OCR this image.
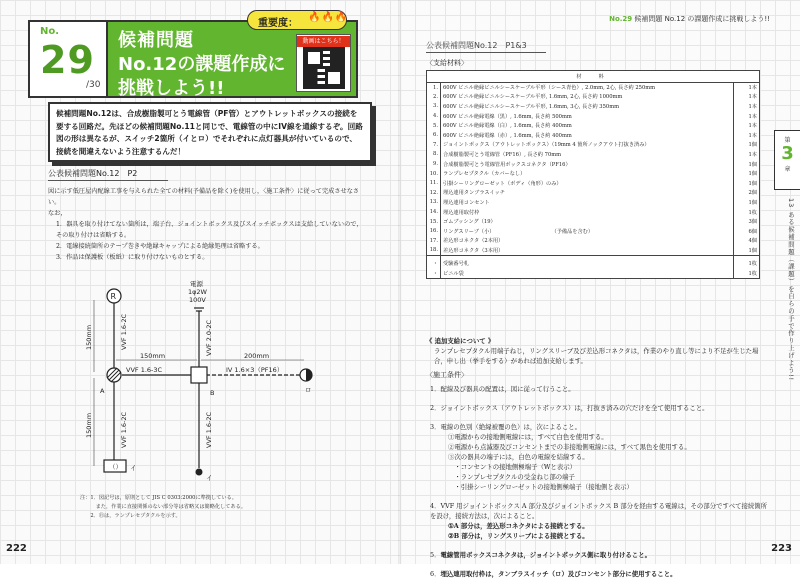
No.
29
/30
候補問題
No.12の課題作成に
挑戦しよう!!
重要度：
🔥🔥🔥
動画はこちら！
候補問題No.12は、合成樹脂製可とう電線管（PF管）とアウトレットボックスの接続を要する回路だ。先ほどの候補問題No.11と同じで、電線管の中にIV線を通線するぞ。回路図の形は異なるが、スイッチ2箇所（イとロ）でそれぞれに点灯器具が付いているので、接続を間違えないよう注意するんだ！
公表候補問題No.12　P2

図に示す低圧屋内配線工事を与えられた全ての材料(予備品を除く)を使用し，〈施工条件〉に従って完成させなさい。

なお，

1．器具を取り付けてない箇所は，端子台、ジョイントボックス及びスイッチボックスは支給していないので，その取り付けは省略する。

2．電線接続箇所のテープ巻きや絶縁キャップによる絶縁処理は省略する。

3．作品は保護板（板紙）に取り付けないものとする。

電源
1φ2W
100V
R
A	B	ロ
（） イ
イ
VVF 1.6-2C
VVF 1.6-2C
VVF 1.6-3C
VVF 2.0-2C
VVF 1.6-2C
IV 1.6×3（PF16）
150mm
150mm
150mm	200mm
注：1．図記号は，原則として JIS C 0303:2000に準拠している。
　　　また，作業に直接関係のない部分等は省略又は簡略化してある。
　　2．Ⓡは，ランプレセプタクルを示す。
222
No.29 候補問題 No.12 の課題作成に挑戦しよう!!
公表候補問題No.12　P1&3
〈支給材料〉
材　料		
1.	600V ビニル絶縁ビニルシースケーブル平形（シース青色）, 2.0mm, 2心, 長さ約 250mm	1本
2.	600V ビニル絶縁ビニルシースケーブル平形, 1.6mm, 2心, 長さ約 1000mm	1本
3.	600V ビニル絶縁ビニルシースケーブル平形, 1.6mm, 3心, 長さ約 350mm	1本
4.	600V ビニル絶縁電線（黒）, 1.6mm, 長さ約 500mm	1本
5.	600V ビニル絶縁電線（白）, 1.6mm, 長さ約 400mm	1本
6.	600V ビニル絶縁電線（赤）, 1.6mm, 長さ約 400mm	1本
7.	ジョイントボックス（アウトレットボックス）（19mm 4 箇所ノックアウト打抜き済み）	1個
8.	合成樹脂製可とう電線管（PF16）, 長さ約 70mm	1本
9.	合成樹脂製可とう電線管用ボックスコネクタ（PF16）	1個
10.	ランプレセプタクル（カバーなし）	1個
11.	引掛シーリングローゼット（ボディ（角形）のみ）	1個
12.	埋込連用タンブラスイッチ	2個
13.	埋込連用コンセント	1個
14.	埋込連用取付枠	1枚
15.	ゴムブッシング（19）	3個
16.	リングスリーブ（小）　　　　　　　　　　　　（予備品を含む）	6個
17.	差込形コネクタ（2本用）	4個
18.	差込形コネクタ（3本用）	1個

・	受験番号札	1枚
・	ビニル袋	1枚
《 追加支給について 》
ランプレセプタクル用端子ねじ，リングスリーブ及び差込形コネクタは，作業のやり直し等により不足が生じた場合，申し出（挙手をする）があれば追加支給します。
〈施工条件〉
1．配線及び器具の配置は，図に従って行うこと。
2．ジョイントボックス（アウトレットボックス）は，打抜き済みの穴だけを全て使用すること。
3．電線の色別（絶縁被覆の色）は，次によること。
①電源からの接地側電線には，すべて白色を使用する。
②電源から点滅器及びコンセントまでの非接地側電線には，すべて黒色を使用する。
③次の器具の端子には，白色の電線を結線する。
　・コンセントの接地側極端子（Wと表示）
　・ランプレセプタクルの受金ねじ部の端子
　・引掛シーリングローゼットの接地側極端子（接地側と表示）
4．VVF 用ジョイントボックス A 部分及びジョイントボックス B 部分を経由する電線は，その部分ですべて接続箇所を設け，接続方法は，次によること。
①A 部分は，差込形コネクタによる接続とする。
②B 部分は，リングスリーブによる接続とする。
5．電線管用ボックスコネクタは，ジョイントボックス側に取り付けること。
6．埋込連用取付枠は，タンブラスイッチ（ロ）及びコンセント部分に使用すること。
第
3
章
13 ある候補問題（課題）を自らの手で作り上げよう!!
223
